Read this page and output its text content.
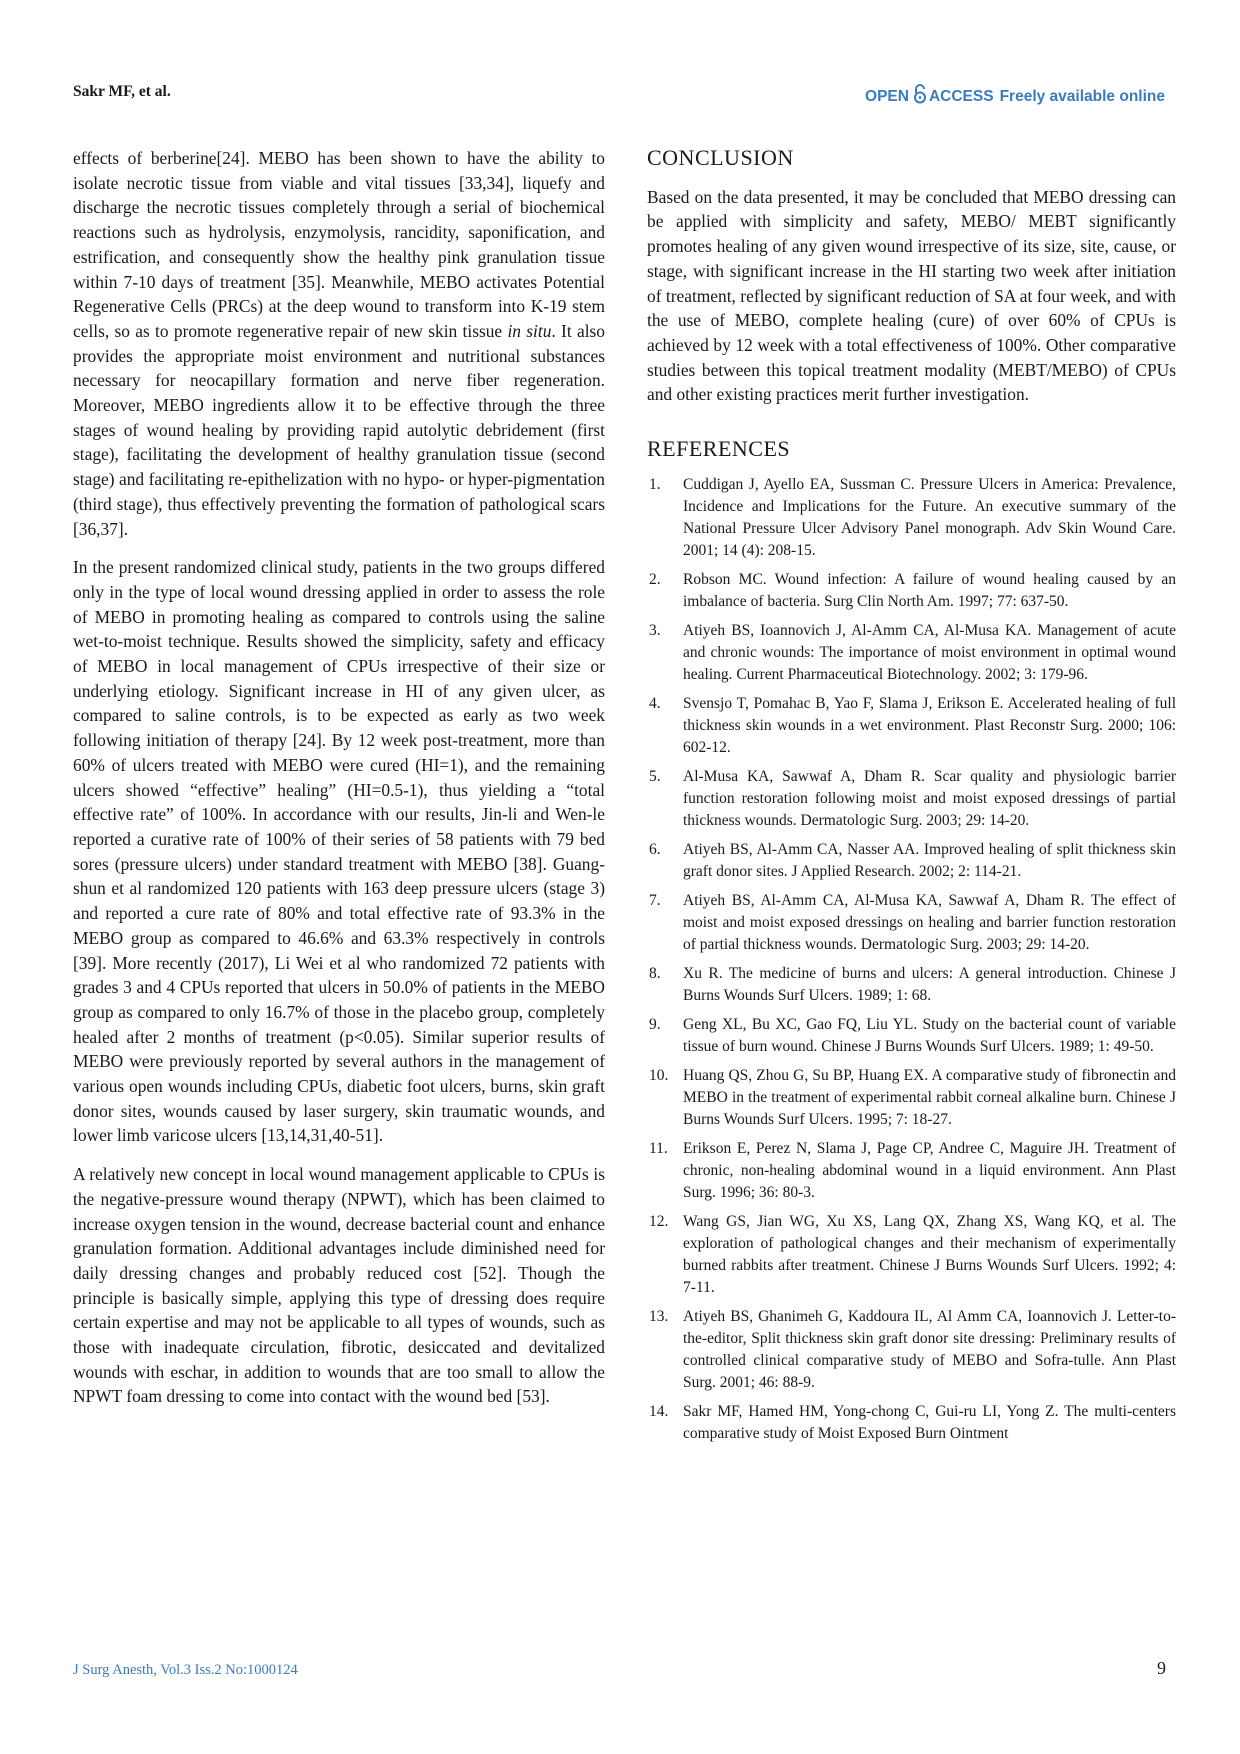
Sakr MF, et al.	OPEN ACCESS Freely available online

effects of berberine[24]. MEBO has been shown to have the ability to isolate necrotic tissue from viable and vital tissues [33,34], liquefy and discharge the necrotic tissues completely through a serial of biochemical reactions such as hydrolysis, enzymolysis, rancidity, saponification, and estrification, and consequently show the healthy pink granulation tissue within 7-10 days of treatment [35]. Meanwhile, MEBO activates Potential Regenerative Cells (PRCs) at the deep wound to transform into K-19 stem cells, so as to promote regenerative repair of new skin tissue in situ. It also provides the appropriate moist environment and nutritional substances necessary for neocapillary formation and nerve fiber regeneration. Moreover, MEBO ingredients allow it to be effective through the three stages of wound healing by providing rapid autolytic debridement (first stage), facilitating the development of healthy granulation tissue (second stage) and facilitating re-epithelization with no hypo- or hyper-pigmentation (third stage), thus effectively preventing the formation of pathological scars [36,37].

In the present randomized clinical study, patients in the two groups differed only in the type of local wound dressing applied in order to assess the role of MEBO in promoting healing as compared to controls using the saline wet-to-moist technique. Results showed the simplicity, safety and efficacy of MEBO in local management of CPUs irrespective of their size or underlying etiology. Significant increase in HI of any given ulcer, as compared to saline controls, is to be expected as early as two week following initiation of therapy [24]. By 12 week post-treatment, more than 60% of ulcers treated with MEBO were cured (HI=1), and the remaining ulcers showed “effective” healing” (HI=0.5-1), thus yielding a “total effective rate” of 100%. In accordance with our results, Jin-li and Wen-le reported a curative rate of 100% of their series of 58 patients with 79 bed sores (pressure ulcers) under standard treatment with MEBO [38]. Guang-shun et al randomized 120 patients with 163 deep pressure ulcers (stage 3) and reported a cure rate of 80% and total effective rate of 93.3% in the MEBO group as compared to 46.6% and 63.3% respectively in controls [39]. More recently (2017), Li Wei et al who randomized 72 patients with grades 3 and 4 CPUs reported that ulcers in 50.0% of patients in the MEBO group as compared to only 16.7% of those in the placebo group, completely healed after 2 months of treatment (p<0.05). Similar superior results of MEBO were previously reported by several authors in the management of various open wounds including CPUs, diabetic foot ulcers, burns, skin graft donor sites, wounds caused by laser surgery, skin traumatic wounds, and lower limb varicose ulcers [13,14,31,40-51].

A relatively new concept in local wound management applicable to CPUs is the negative-pressure wound therapy (NPWT), which has been claimed to increase oxygen tension in the wound, decrease bacterial count and enhance granulation formation. Additional advantages include diminished need for daily dressing changes and probably reduced cost [52]. Though the principle is basically simple, applying this type of dressing does require certain expertise and may not be applicable to all types of wounds, such as those with inadequate circulation, fibrotic, desiccated and devitalized wounds with eschar, in addition to wounds that are too small to allow the NPWT foam dressing to come into contact with the wound bed [53].

CONCLUSION

Based on the data presented, it may be concluded that MEBO dressing can be applied with simplicity and safety, MEBO/ MEBT significantly promotes healing of any given wound irrespective of its size, site, cause, or stage, with significant increase in the HI starting two week after initiation of treatment, reflected by significant reduction of SA at four week, and with the use of MEBO, complete healing (cure) of over 60% of CPUs is achieved by 12 week with a total effectiveness of 100%. Other comparative studies between this topical treatment modality (MEBT/MEBO) of CPUs and other existing practices merit further investigation.

REFERENCES
1. Cuddigan J, Ayello EA, Sussman C. Pressure Ulcers in America: Prevalence, Incidence and Implications for the Future. An executive summary of the National Pressure Ulcer Advisory Panel monograph. Adv Skin Wound Care. 2001; 14 (4): 208-15.
2. Robson MC. Wound infection: A failure of wound healing caused by an imbalance of bacteria. Surg Clin North Am. 1997; 77: 637-50.
3. Atiyeh BS, Ioannovich J, Al-Amm CA, Al-Musa KA. Management of acute and chronic wounds: The importance of moist environment in optimal wound healing. Current Pharmaceutical Biotechnology. 2002; 3: 179-96.
4. Svensjo T, Pomahac B, Yao F, Slama J, Erikson E. Accelerated healing of full thickness skin wounds in a wet environment. Plast Reconstr Surg. 2000; 106: 602-12.
5. Al-Musa KA, Sawwaf A, Dham R. Scar quality and physiologic barrier function restoration following moist and moist exposed dressings of partial thickness wounds. Dermatologic Surg. 2003; 29: 14-20.
6. Atiyeh BS, Al-Amm CA, Nasser AA. Improved healing of split thickness skin graft donor sites. J Applied Research. 2002; 2: 114-21.
7. Atiyeh BS, Al-Amm CA, Al-Musa KA, Sawwaf A, Dham R. The effect of moist and moist exposed dressings on healing and barrier function restoration of partial thickness wounds. Dermatologic Surg. 2003; 29: 14-20.
8. Xu R. The medicine of burns and ulcers: A general introduction. Chinese J Burns Wounds Surf Ulcers. 1989; 1: 68.
9. Geng XL, Bu XC, Gao FQ, Liu YL. Study on the bacterial count of variable tissue of burn wound. Chinese J Burns Wounds Surf Ulcers. 1989; 1: 49-50.
10. Huang QS, Zhou G, Su BP, Huang EX. A comparative study of fibronectin and MEBO in the treatment of experimental rabbit corneal alkaline burn. Chinese J Burns Wounds Surf Ulcers. 1995; 7: 18-27.
11. Erikson E, Perez N, Slama J, Page CP, Andree C, Maguire JH. Treatment of chronic, non-healing abdominal wound in a liquid environment. Ann Plast Surg. 1996; 36: 80-3.
12. Wang GS, Jian WG, Xu XS, Lang QX, Zhang XS, Wang KQ, et al. The exploration of pathological changes and their mechanism of experimentally burned rabbits after treatment. Chinese J Burns Wounds Surf Ulcers. 1992; 4: 7-11.
13. Atiyeh BS, Ghanimeh G, Kaddoura IL, Al Amm CA, Ioannovich J. Letter-to-the-editor, Split thickness skin graft donor site dressing: Preliminary results of controlled clinical comparative study of MEBO and Sofra-tulle. Ann Plast Surg. 2001; 46: 88-9.
14. Sakr MF, Hamed HM, Yong-chong C, Gui-ru LI, Yong Z. The multi-centers comparative study of Moist Exposed Burn Ointment
J Surg Anesth, Vol.3 Iss.2 No:1000124	9
